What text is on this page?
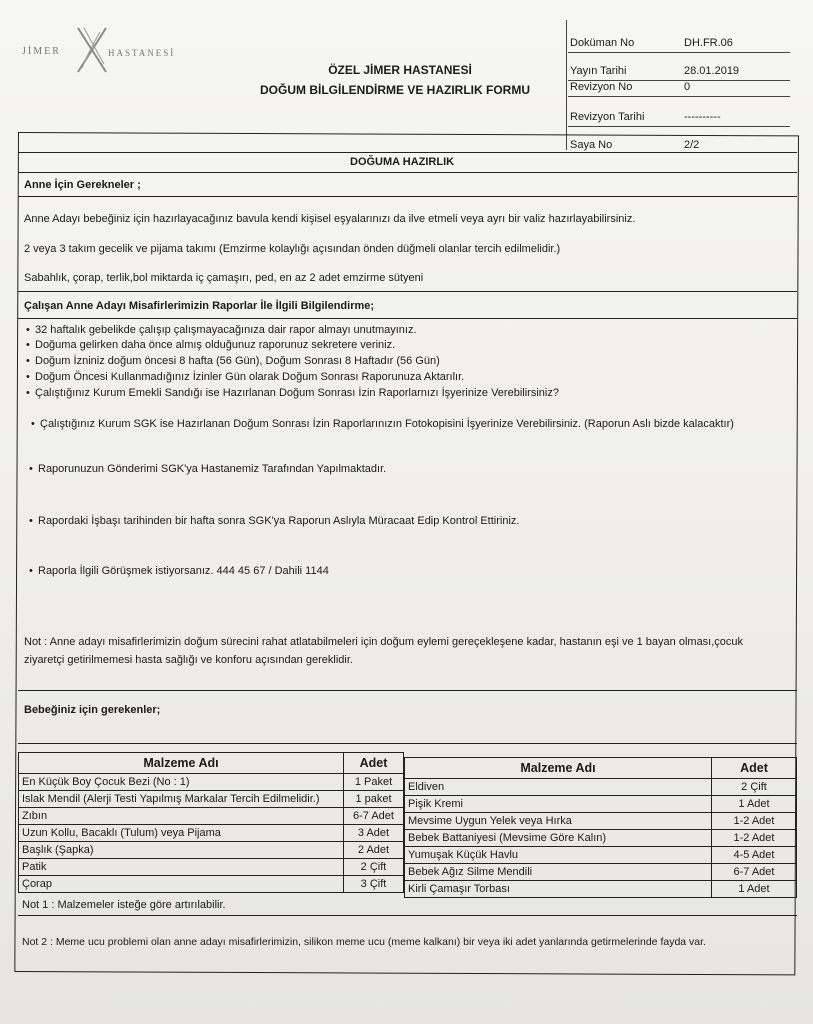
JİMER	HASTANESİ
ÖZEL JİMER HASTANESİ
DOĞUM BİLGİLENDİRME VE HAZIRLIK FORMU
Doküman No	DH.FR.06
Yayın Tarihi	28.01.2019
Revizyon No	0
Revizyon Tarihi	----------
Saya No	2/2
DOĞUMA HAZIRLIK
Anne İçin Gerekneler ;
Anne Adayı bebeğiniz için hazırlayacağınız bavula kendi kişisel eşyalarınızı da ilve etmeli veya ayrı bir valiz hazırlayabilirsiniz.
2 veya 3 takım gecelik ve pijama takımı (Emzirme kolaylığı açısından önden düğmeli olanlar tercih edilmelidir.)
Sabahlık, çorap, terlik,bol miktarda iç çamaşırı, ped, en az 2 adet emzirme sütyeni
Çalışan Anne Adayı Misafirlerimizin Raporlar İle İlgili Bilgilendirme;
• 32 haftalık gebelikde çalışıp çalışmayacağınıza dair rapor almayı unutmayınız.
• Doğuma gelirken daha önce almış olduğunuz raporunuz sekretere veriniz.
• Doğum İzniniz doğum öncesi 8 hafta (56 Gün), Doğum Sonrası 8 Haftadır (56 Gün)
• Doğum Öncesi Kullanmadığınız İzinler Gün olarak Doğum Sonrası Raporunuza Aktarılır.
• Çalıştığınız Kurum Emekli Sandığı ise Hazırlanan Doğum Sonrası İzin Raporlarnızı İşyerinize Verebilirsiniz?
• Çalıştığınız Kurum SGK ise Hazırlanan Doğum Sonrası İzin Raporlarınızın Fotokopisini İşyerinize Verebilirsiniz. (Raporun Aslı bizde kalacaktır)
• Raporunuzun Gönderimi SGK'ya Hastanemiz Tarafından Yapılmaktadır.
• Rapordaki İşbaşı tarihinden bir hafta sonra SGK'ya Raporun Aslıyla Müracaat Edip Kontrol Ettiriniz.
• Raporla İlgili Görüşmek istiyorsanız. 444 45 67 / Dahili 1144
Not : Anne adayı misafirlerimizin doğum sürecini rahat atlatabilmeleri için doğum eylemi gereçekleşene kadar, hastanın eşi ve 1 bayan olması,çocuk
ziyaretçi getirilmemesi hasta sağlığı ve konforu açısından gereklidir.
Bebeğiniz için gerekenler;
Malzeme Adı	Adet
En Küçük Boy Çocuk Bezi (No : 1)	1 Paket
Islak Mendil (Alerji Testi Yapılmış Markalar Tercih Edilmelidir.)	1 paket
Zıbın	6-7 Adet
Uzun Kollu, Bacaklı (Tulum) veya Pijama	3 Adet
Başlık (Şapka)	2 Adet
Patik	2 Çift
Çorap	3 Çift
Malzeme Adı	Adet
Eldiven	2 Çift
Pişik Kremi	1 Adet
Mevsime Uygun Yelek veya Hırka	1-2 Adet
Bebek Battaniyesi (Mevsime Göre Kalın)	1-2 Adet
Yumuşak Küçük Havlu	4-5 Adet
Bebek Ağız Silme Mendili	6-7 Adet
Kirli Çamaşır Torbası	1 Adet
Not 1 : Malzemeler isteğe göre artırılabilir.
Not 2 : Meme ucu problemi olan anne adayı misafirlerimizin, silikon meme ucu (meme kalkanı) bir veya iki adet yanlarında getirmelerinde fayda var.
